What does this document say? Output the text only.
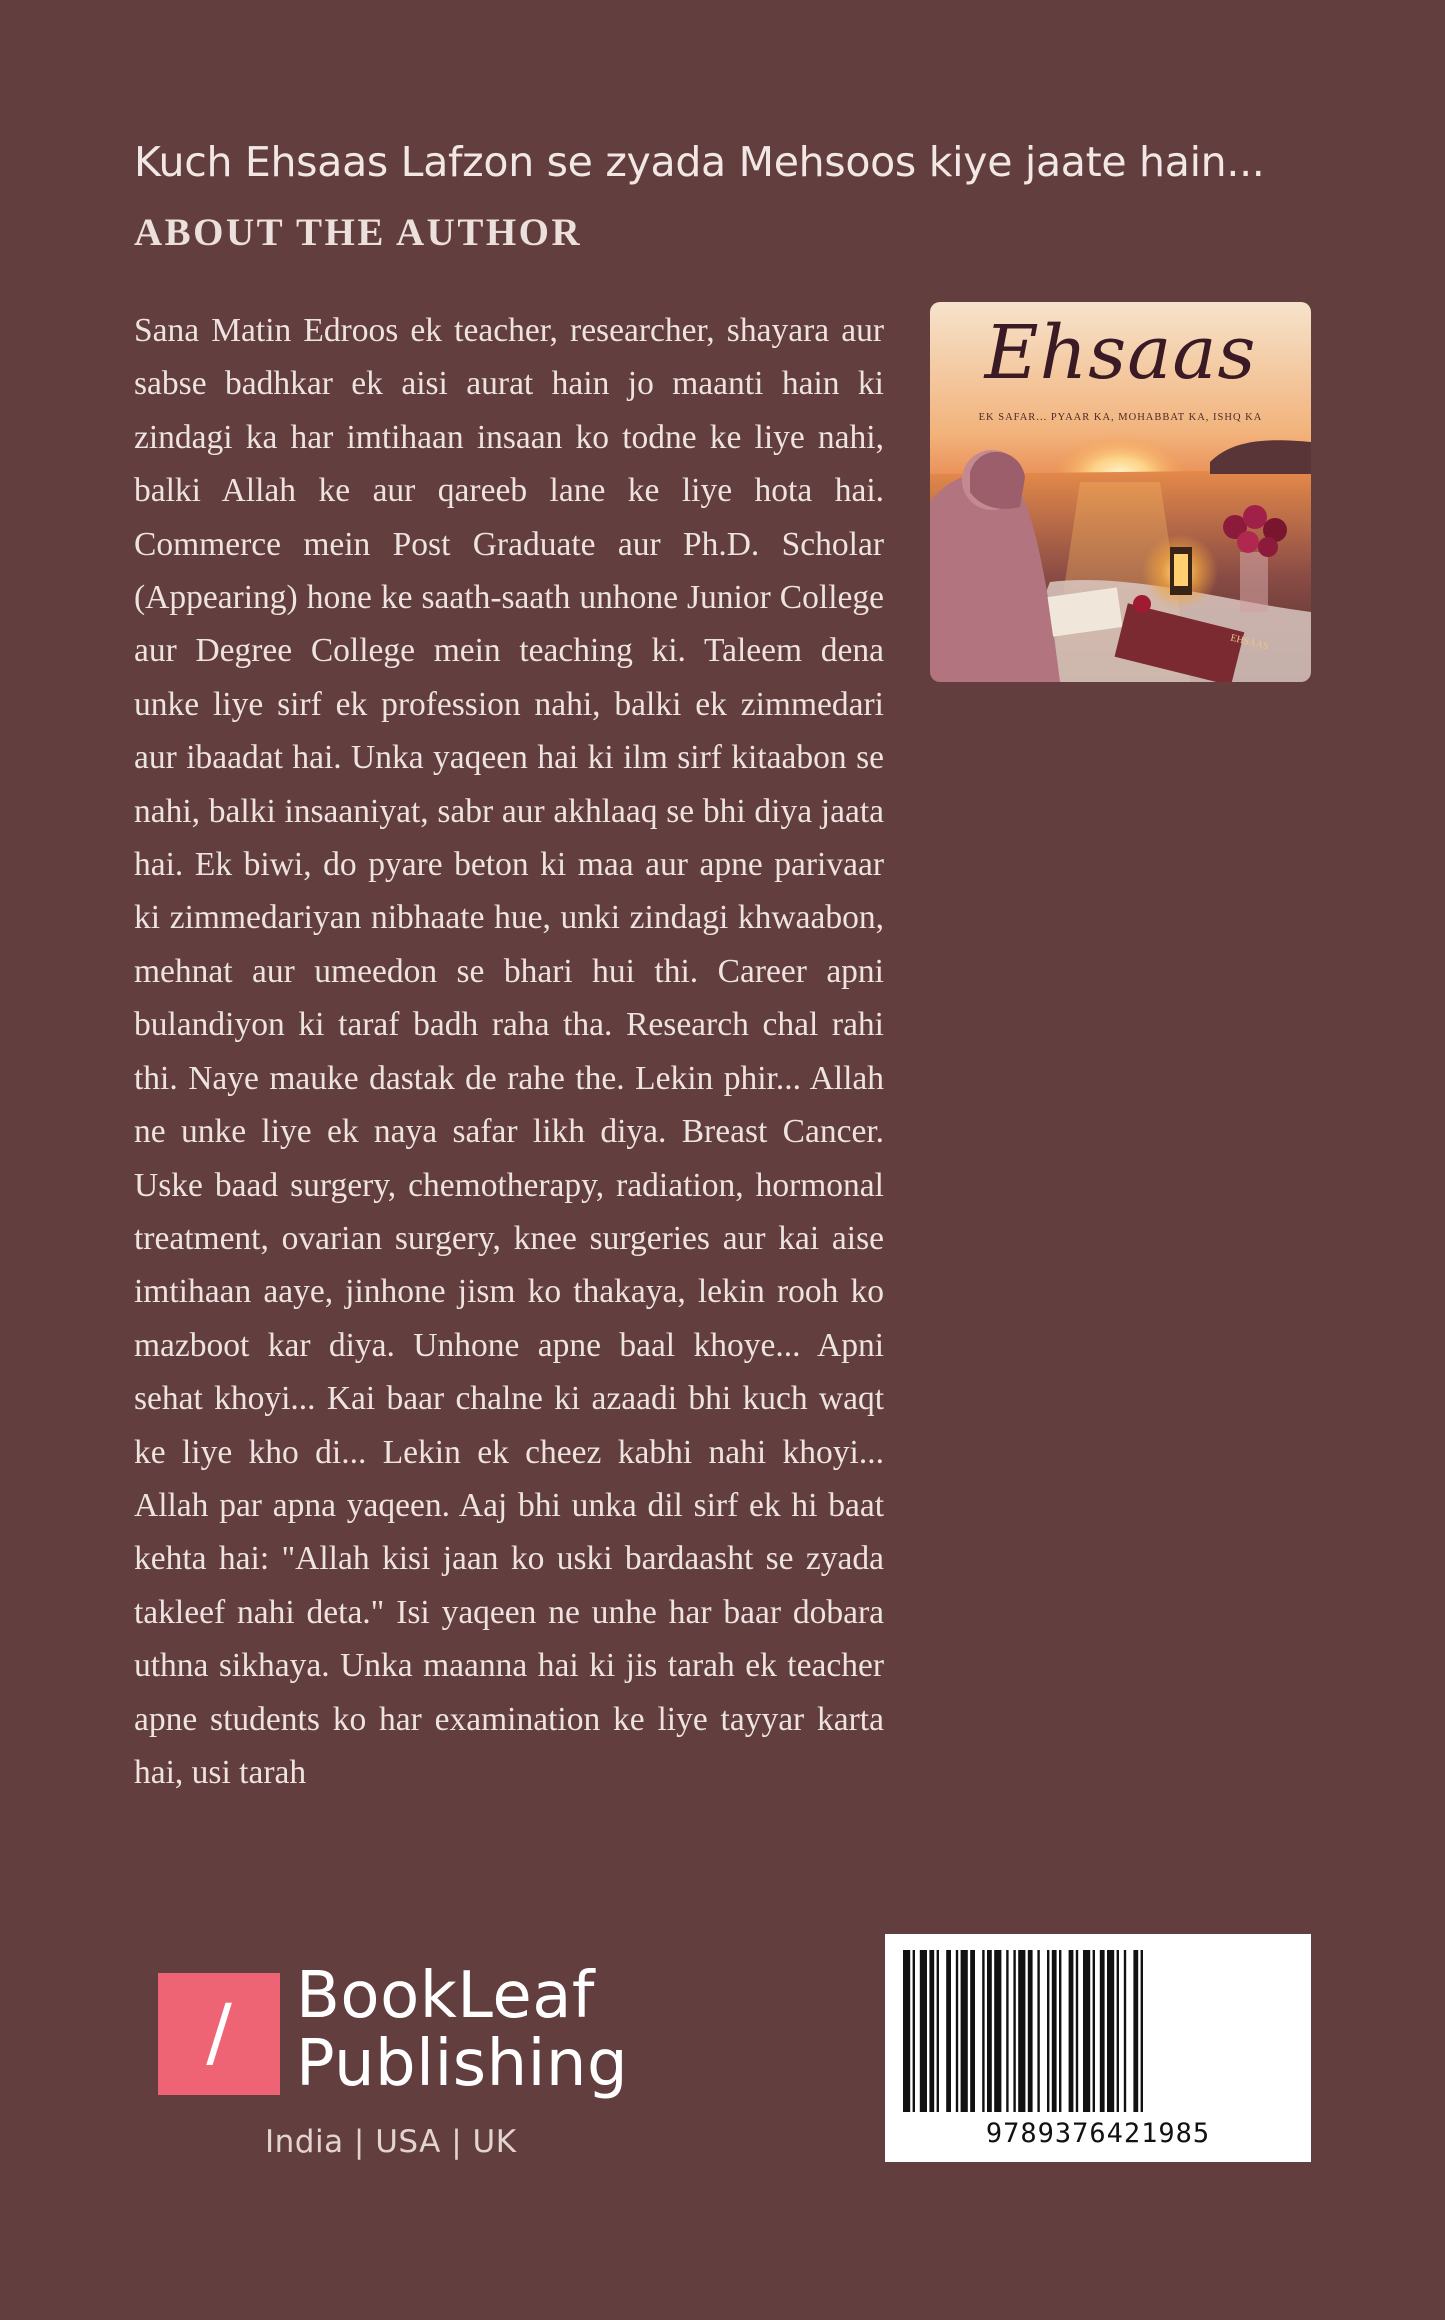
Kuch Ehsaas Lafzon se zyada Mehsoos kiye jaate hain...
ABOUT THE AUTHOR
Sana Matin Edroos ek teacher, researcher, shayara aur sabse badhkar ek aisi aurat hain jo maanti hain ki zindagi ka har imtihaan insaan ko todne ke liye nahi, balki Allah ke aur qareeb lane ke liye hota hai. Commerce mein Post Graduate aur Ph.D. Scholar (Appearing) hone ke saath-saath unhone Junior College aur Degree College mein teaching ki. Taleem dena unke liye sirf ek profession nahi, balki ek zimmedari aur ibaadat hai. Unka yaqeen hai ki ilm sirf kitaabon se nahi, balki insaaniyat, sabr aur akhlaaq se bhi diya jaata hai. Ek biwi, do pyare beton ki maa aur apne parivaar ki zimmedariyan nibhaate hue, unki zindagi khwaabon, mehnat aur umeedon se bhari hui thi. Career apni bulandiyon ki taraf badh raha tha. Research chal rahi thi. Naye mauke dastak de rahe the. Lekin phir... Allah ne unke liye ek naya safar likh diya. Breast Cancer. Uske baad surgery, chemotherapy, radiation, hormonal treatment, ovarian surgery, knee surgeries aur kai aise imtihaan aaye, jinhone jism ko thakaya, lekin rooh ko mazboot kar diya. Unhone apne baal khoye... Apni sehat khoyi... Kai baar chalne ki azaadi bhi kuch waqt ke liye kho di... Lekin ek cheez kabhi nahi khoyi... Allah par apna yaqeen. Aaj bhi unka dil sirf ek hi baat kehta hai: "Allah kisi jaan ko uski bardaasht se zyada takleef nahi deta." Isi yaqeen ne unhe har baar dobara uthna sikhaya. Unka maanna hai ki jis tarah ek teacher apne students ko har examination ke liye tayyar karta hai, usi tarah
Ehsaas
EK SAFAR... PYAAR KA, MOHABBAT KA, ISHQ KA
EHSAAS
/	BookLeaf
Publishing
India | USA | UK	9789376421985
